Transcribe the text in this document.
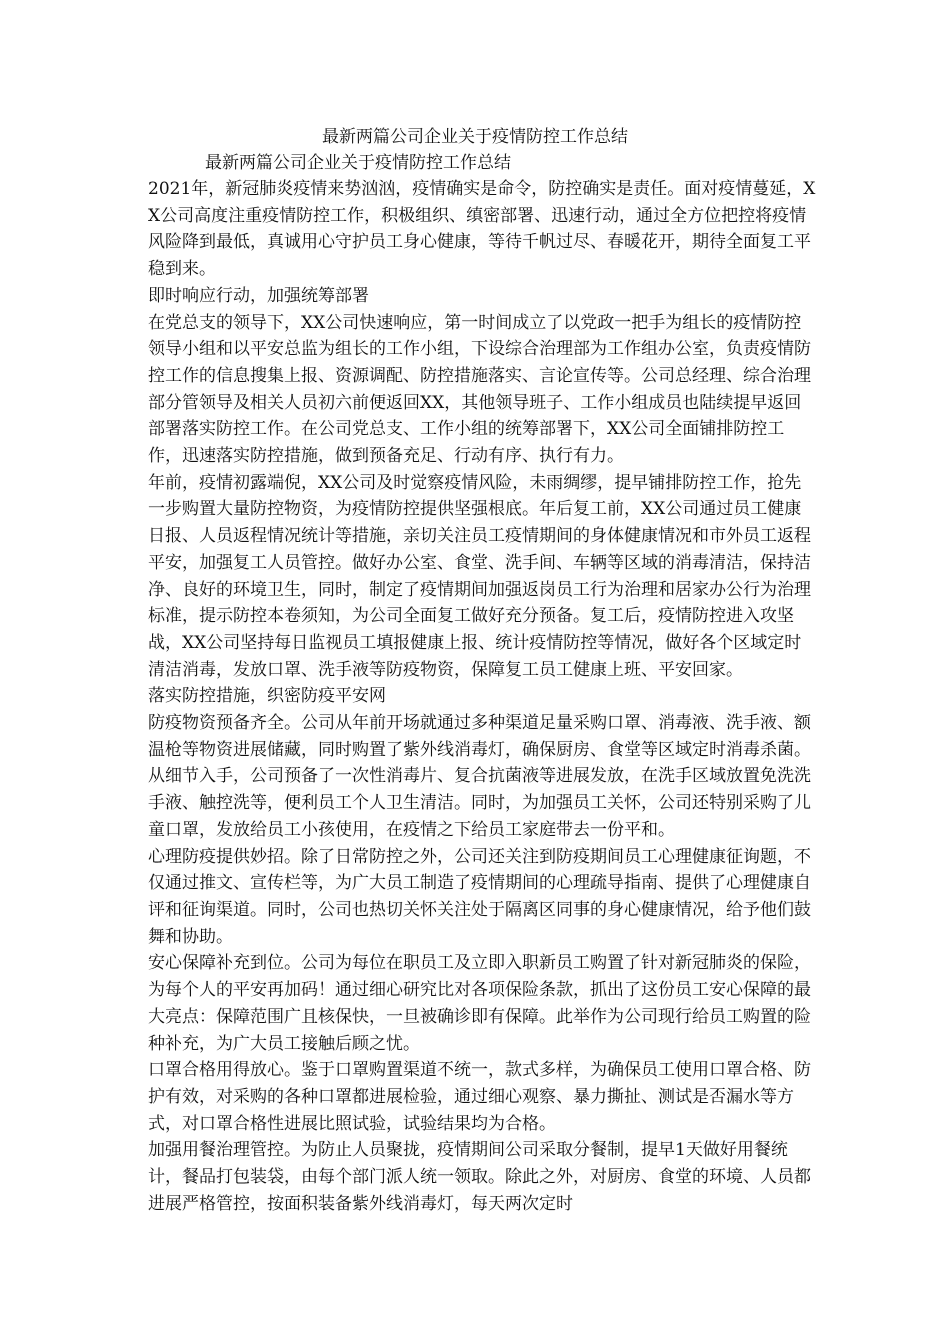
最新两篇公司企业关于疫情防控工作总结
最新两篇公司企业关于疫情防控工作总结

2021年，新冠肺炎疫情来势汹汹，疫情确实是命令，防控确实是责任。面对疫情蔓延，XX公司高度注重疫情防控工作，积极组织、缜密部署、迅速行动，通过全方位把控将疫情风险降到最低，真诚用心守护员工身心健康，等待千帆过尽、春暖花开，期待全面复工平稳到来。

即时响应行动，加强统筹部署

在党总支的领导下，XX公司快速响应，第一时间成立了以党政一把手为组长的疫情防控领导小组和以平安总监为组长的工作小组，下设综合治理部为工作组办公室，负责疫情防控工作的信息搜集上报、资源调配、防控措施落实、言论宣传等。公司总经理、综合治理部分管领导及相关人员初六前便返回XX，其他领导班子、工作小组成员也陆续提早返回部署落实防控工作。在公司党总支、工作小组的统筹部署下，XX公司全面铺排防控工作，迅速落实防控措施，做到预备充足、行动有序、执行有力。

年前，疫情初露端倪，XX公司及时觉察疫情风险，未雨绸缪，提早铺排防控工作，抢先一步购置大量防控物资，为疫情防控提供坚强根底。年后复工前，XX公司通过员工健康日报、人员返程情况统计等措施，亲切关注员工疫情期间的身体健康情况和市外员工返程平安，加强复工人员管控。做好办公室、食堂、洗手间、车辆等区域的消毒清洁，保持洁净、良好的环境卫生，同时，制定了疫情期间加强返岗员工行为治理和居家办公行为治理标准，提示防控本卷须知，为公司全面复工做好充分预备。复工后，疫情防控进入攻坚战，XX公司坚持每日监视员工填报健康上报、统计疫情防控等情况，做好各个区域定时清洁消毒，发放口罩、洗手液等防疫物资，保障复工员工健康上班、平安回家。

落实防控措施，织密防疫平安网

防疫物资预备齐全。公司从年前开场就通过多种渠道足量采购口罩、消毒液、洗手液、额温枪等物资进展储藏，同时购置了紫外线消毒灯，确保厨房、食堂等区域定时消毒杀菌。从细节入手，公司预备了一次性消毒片、复合抗菌液等进展发放，在洗手区域放置免洗洗手液、触控洗等，便利员工个人卫生清洁。同时，为加强员工关怀，公司还特别采购了儿童口罩，发放给员工小孩使用，在疫情之下给员工家庭带去一份平和。

心理防疫提供妙招。除了日常防控之外，公司还关注到防疫期间员工心理健康征询题，不仅通过推文、宣传栏等，为广大员工制造了疫情期间的心理疏导指南、提供了心理健康自评和征询渠道。同时，公司也热切关怀关注处于隔离区同事的身心健康情况，给予他们鼓舞和协助。

安心保障补充到位。公司为每位在职员工及立即入职新员工购置了针对新冠肺炎的保险，为每个人的平安再加码！通过细心研究比对各项保险条款，抓出了这份员工安心保障的最大亮点：保障范围广且核保快，一旦被确诊即有保障。此举作为公司现行给员工购置的险种补充，为广大员工接触后顾之忧。

口罩合格用得放心。鉴于口罩购置渠道不统一，款式多样，为确保员工使用口罩合格、防护有效，对采购的各种口罩都进展检验，通过细心观察、暴力撕扯、测试是否漏水等方式，对口罩合格性进展比照试验，试验结果均为合格。

加强用餐治理管控。为防止人员聚拢，疫情期间公司采取分餐制，提早1天做好用餐统计，餐品打包装袋，由每个部门派人统一领取。除此之外，对厨房、食堂的环境、人员都进展严格管控，按面积装备紫外线消毒灯，每天两次定时
